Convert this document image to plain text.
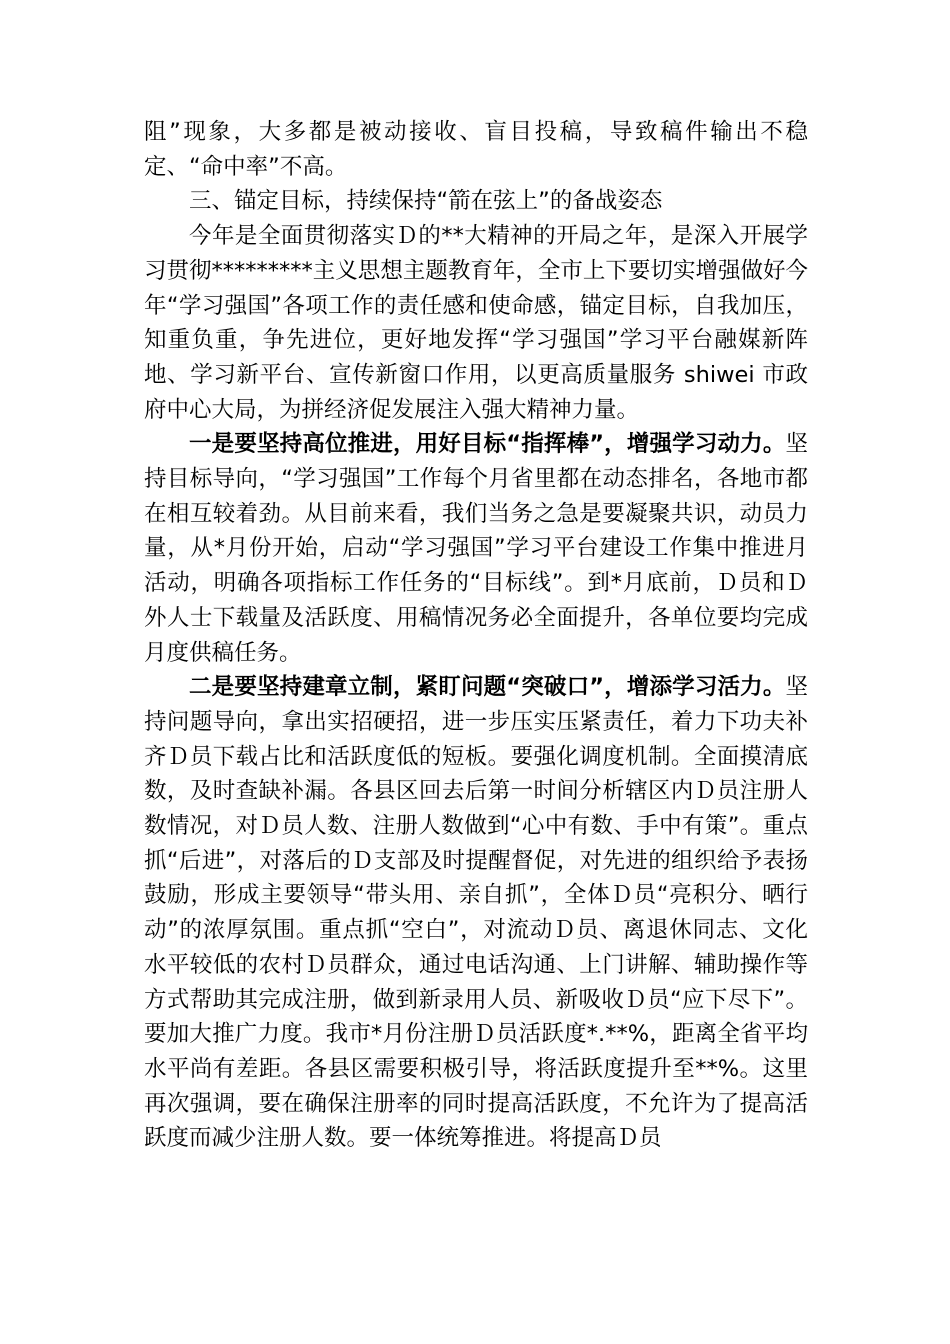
阻”现象，大多都是被动接收、盲目投稿，导致稿件输出不稳定、“命中率”不高。

三、锚定目标，持续保持“箭在弦上”的备战姿态

今年是全面贯彻落实Ｄ的**大精神的开局之年，是深入开展学习贯彻*********主义思想主题教育年，全市上下要切实增强做好今年“学习强国”各项工作的责任感和使命感，锚定目标，自我加压，知重负重，争先进位，更好地发挥“学习强国”学习平台融媒新阵地、学习新平台、宣传新窗口作用，以更高质量服务 shiwei 市政府中心大局，为拼经济促发展注入强大精神力量。

一是要坚持高位推进，用好目标“指挥棒”，增强学习动力。坚持目标导向，“学习强国”工作每个月省里都在动态排名，各地市都在相互较着劲。从目前来看，我们当务之急是要凝聚共识，动员力量，从*月份开始，启动“学习强国”学习平台建设工作集中推进月活动，明确各项指标工作任务的“目标线”。到*月底前，Ｄ员和Ｄ外人士下载量及活跃度、用稿情况务必全面提升，各单位要均完成月度供稿任务。

二是要坚持建章立制，紧盯问题“突破口”，增添学习活力。坚持问题导向，拿出实招硬招，进一步压实压紧责任，着力下功夫补齐Ｄ员下载占比和活跃度低的短板。要强化调度机制。全面摸清底数，及时查缺补漏。各县区回去后第一时间分析辖区内Ｄ员注册人数情况，对Ｄ员人数、注册人数做到“心中有数、手中有策”。重点抓“后进”，对落后的Ｄ支部及时提醒督促，对先进的组织给予表扬鼓励，形成主要领导“带头用、亲自抓”，全体Ｄ员“亮积分、晒行动”的浓厚氛围。重点抓“空白”，对流动Ｄ员、离退休同志、文化水平较低的农村Ｄ员群众，通过电话沟通、上门讲解、辅助操作等方式帮助其完成注册，做到新录用人员、新吸收Ｄ员“应下尽下”。要加大推广力度。我市*月份注册Ｄ员活跃度*.**%，距离全省平均水平尚有差距。各县区需要积极引导，将活跃度提升至**%。这里再次强调，要在确保注册率的同时提高活跃度，不允许为了提高活跃度而减少注册人数。要一体统筹推进。将提高Ｄ员
